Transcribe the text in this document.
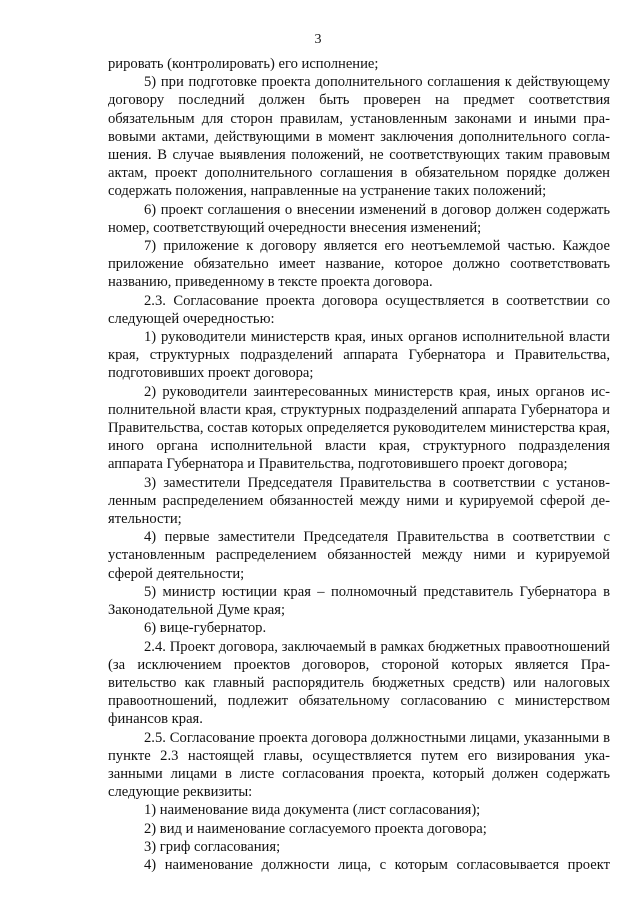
3

рировать (контролировать) его исполнение;

5) при подготовке проекта дополнительного соглашения к действующему договору последний должен быть проверен на предмет соответствия обязательным для сторон правилам, установленным законами и иными правовыми актами, действующими в момент заключения дополнительного соглашения. В случае выявления положений, не соответствующих таким правовым актам, проект дополнительного соглашения в обязательном порядке должен содержать положения, направленные на устранение таких положений;

6) проект соглашения о внесении изменений в договор должен содержать номер, соответствующий очередности внесения изменений;

7) приложение к договору является его неотъемлемой частью. Каждое приложение обязательно имеет название, которое должно соответствовать названию, приведенному в тексте проекта договора.

2.3. Согласование проекта договора осуществляется в соответствии со следующей очередностью:

1) руководители министерств края, иных органов исполнительной власти края, структурных подразделений аппарата Губернатора и Правительства, подготовивших проект договора;

2) руководители заинтересованных министерств края, иных органов исполнительной власти края, структурных подразделений аппарата Губернатора и Правительства, состав которых определяется руководителем министерства края, иного органа исполнительной власти края, структурного подразделения аппарата Губернатора и Правительства, подготовившего проект договора;

3) заместители Председателя Правительства в соответствии с установленным распределением обязанностей между ними и курируемой сферой деятельности;

4) первые заместители Председателя Правительства в соответствии с установленным распределением обязанностей между ними и курируемой сферой деятельности;

5) министр юстиции края – полномочный представитель Губернатора в Законодательной Думе края;

6) вице-губернатор.

2.4. Проект договора, заключаемый в рамках бюджетных правоотношений (за исключением проектов договоров, стороной которых является Правительство как главный распорядитель бюджетных средств) или налоговых правоотношений, подлежит обязательному согласованию с министерством финансов края.

2.5. Согласование проекта договора должностными лицами, указанными в пункте 2.3 настоящей главы, осуществляется путем его визирования указанными лицами в листе согласования проекта, который должен содержать следующие реквизиты:

1) наименование вида документа (лист согласования);

2) вид и наименование согласуемого проекта договора;

3) гриф согласования;

4) наименование должности лица, с которым согласовывается проект
